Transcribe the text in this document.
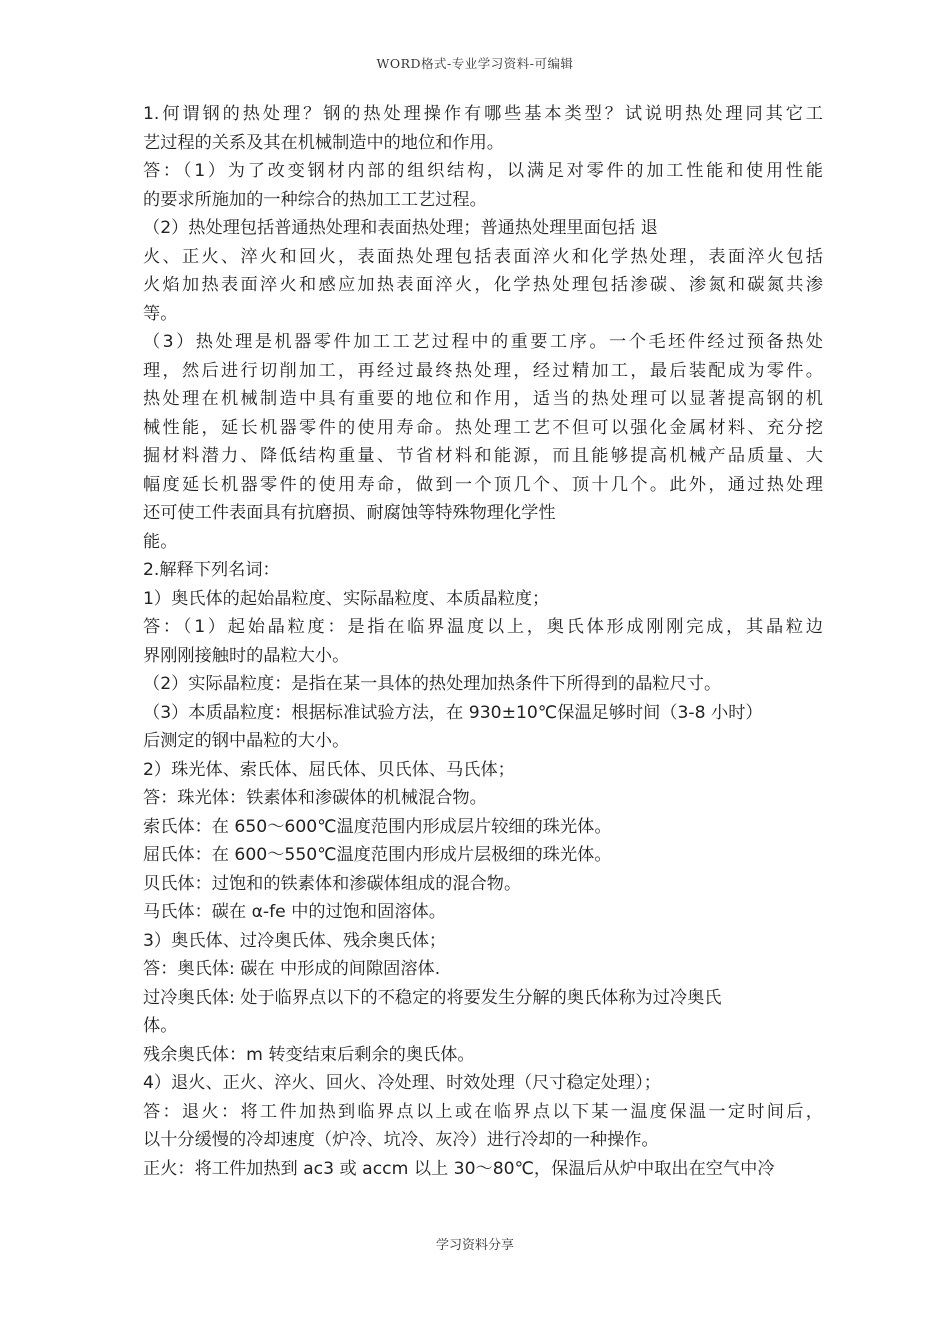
WORD格式-专业学习资料-可编辑
1.何谓钢的热处理？钢的热处理操作有哪些基本类型？试说明热处理同其它工
艺过程的关系及其在机械制造中的地位和作用。
答：（1）为了改变钢材内部的组织结构，以满足对零件的加工性能和使用性能
的要求所施加的一种综合的热加工工艺过程。
（2）热处理包括普通热处理和表面热处理；普通热处理里面包括 退
火、正火、淬火和回火，表面热处理包括表面淬火和化学热处理，表面淬火包括
火焰加热表面淬火和感应加热表面淬火，化学热处理包括渗碳、渗氮和碳氮共渗
等。
（3）热处理是机器零件加工工艺过程中的重要工序。一个毛坯件经过预备热处
理，然后进行切削加工，再经过最终热处理，经过精加工，最后装配成为零件。
热处理在机械制造中具有重要的地位和作用，适当的热处理可以显著提高钢的机
械性能，延长机器零件的使用寿命。热处理工艺不但可以强化金属材料、充分挖
掘材料潜力、降低结构重量、节省材料和能源，而且能够提高机械产品质量、大
幅度延长机器零件的使用寿命，做到一个顶几个、顶十几个。此外，通过热处理
还可使工件表面具有抗磨损、耐腐蚀等特殊物理化学性
能。
2.解释下列名词：
1）奥氏体的起始晶粒度、实际晶粒度、本质晶粒度；
答：（1）起始晶粒度：是指在临界温度以上，奥氏体形成刚刚完成，其晶粒边
界刚刚接触时的晶粒大小。
（2）实际晶粒度：是指在某一具体的热处理加热条件下所得到的晶粒尺寸。
（3）本质晶粒度：根据标准试验方法，在 930±10℃保温足够时间（3-8 小时）
后测定的钢中晶粒的大小。
2）珠光体、索氏体、屈氏体、贝氏体、马氏体；
答：珠光体：铁素体和渗碳体的机械混合物。
索氏体：在 650～600℃温度范围内形成层片较细的珠光体。
屈氏体：在 600～550℃温度范围内形成片层极细的珠光体。
贝氏体：过饱和的铁素体和渗碳体组成的混合物。
马氏体：碳在 α-fe 中的过饱和固溶体。
3）奥氏体、过冷奥氏体、残余奥氏体；
答：奥氏体: 碳在 中形成的间隙固溶体.
过冷奥氏体: 处于临界点以下的不稳定的将要发生分解的奥氏体称为过冷奥氏
体。
残余奥氏体：m 转变结束后剩余的奥氏体。
4）退火、正火、淬火、回火、冷处理、时效处理（尺寸稳定处理）；
答：退火：将工件加热到临界点以上或在临界点以下某一温度保温一定时间后，
以十分缓慢的冷却速度（炉冷、坑冷、灰冷）进行冷却的一种操作。
正火：将工件加热到 ac3 或 accm 以上 30～80℃，保温后从炉中取出在空气中冷
学习资料分享
